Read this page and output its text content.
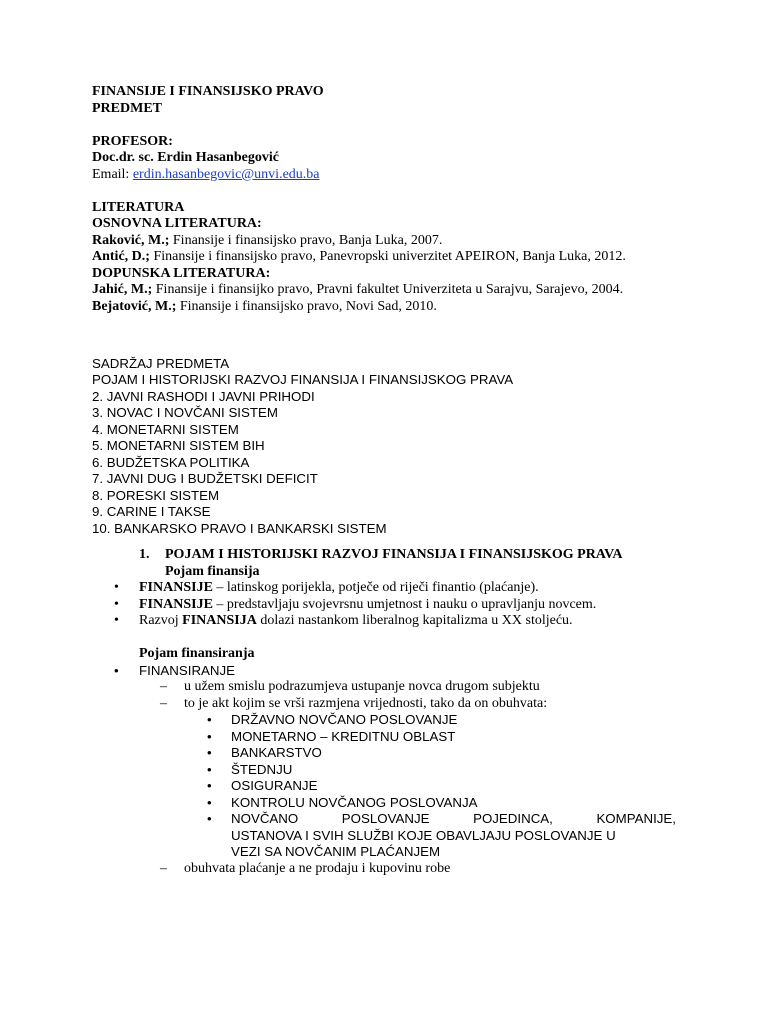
FINANSIJE I FINANSIJSKO PRAVO
PREDMET
PROFESOR:
Doc.dr. sc. Erdin Hasanbegović
Email: erdin.hasanbegovic@unvi.edu.ba
LITERATURA
OSNOVNA LITERATURA:
Raković, M.; Finansije i finansijsko pravo, Banja Luka, 2007.
Antić, D.; Finansije i finansijsko pravo, Panevropski univerzitet APEIRON, Banja Luka, 2012.
DOPUNSKA LITERATURA:
Jahić, M.; Finansije i finansijko pravo, Pravni fakultet Univerziteta u Sarajvu, Sarajevo, 2004.
Bejatović, M.; Finansije i finansijsko pravo, Novi Sad, 2010.
SADRŽAJ PREDMETA
POJAM I HISTORIJSKI RAZVOJ FINANSIJA I FINANSIJSKOG PRAVA
2. JAVNI RASHODI I JAVNI PRIHODI
3. NOVAC I NOVČANI SISTEM
4. MONETARNI SISTEM
5. MONETARNI SISTEM BIH
6. BUDŽETSKA POLITIKA
7. JAVNI DUG I BUDŽETSKI DEFICIT
8. PORESKI SISTEM
9. CARINE I TAKSE
10. BANKARSKO PRAVO I BANKARSKI SISTEM
1. POJAM I HISTORIJSKI RAZVOJ FINANSIJA I FINANSIJSKOG PRAVA
Pojam finansija
• FINANSIJE – latinskog porijekla, potječe od riječi finantio (plaćanje).
• FINANSIJE – predstavljaju svojevrsnu umjetnost i nauku o upravljanju novcem.
• Razvoj FINANSIJA dolazi nastankom liberalnog kapitalizma u XX stoljeću.
Pojam finansiranja
• FINANSIRANJE
– u užem smislu podrazumjeva ustupanje novca drugom subjektu
– to je akt kojim se vrši razmjena vrijednosti, tako da on obuhvata:
• DRŽAVNO NOVČANO POSLOVANJE
• MONETARNO – KREDITNU OBLAST
• BANKARSTVO
• ŠTEDNJU
• OSIGURANJE
• KONTROLU NOVČANOG POSLOVANJA
• NOVČANO POSLOVANJE POJEDINCA, KOMPANIJE,
USTANOVA I SVIH SLUŽBI KOJE OBAVLJAJU POSLOVANJE U
VEZI SA NOVČANIM PLAĆANJEM
– obuhvata plaćanje a ne prodaju i kupovinu robe
